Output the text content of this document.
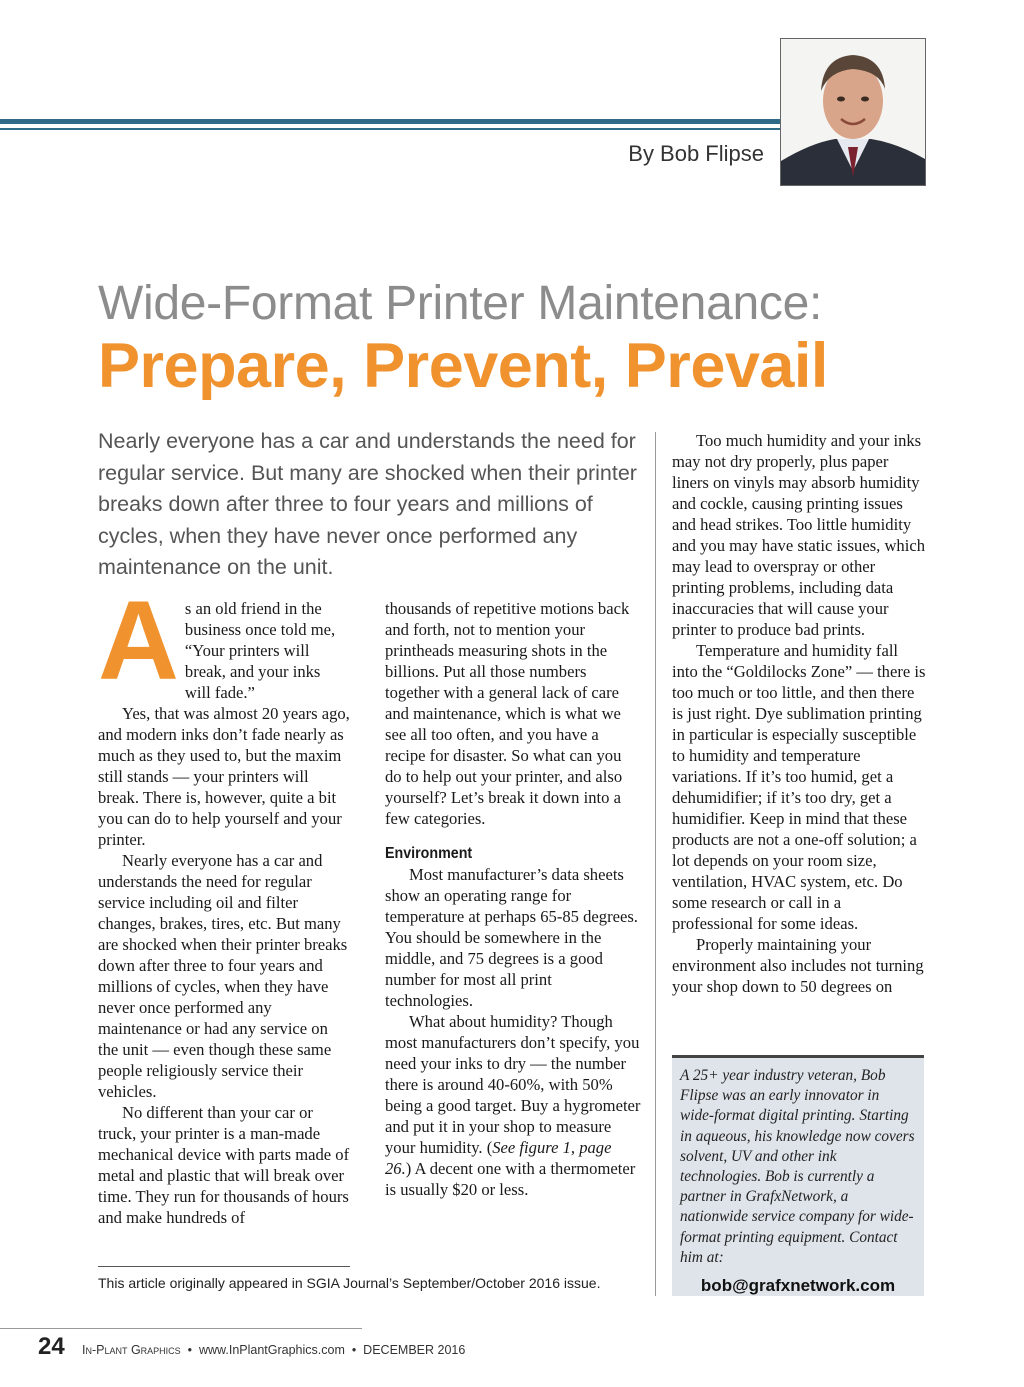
By Bob Flipse
Wide-Format Printer Maintenance:
Prepare, Prevent, Prevail
Nearly everyone has a car and understands the need for regular service. But many are shocked when their printer breaks down after three to four years and millions of cycles, when they have never once performed any maintenance on the unit.

As an old friend in the business once told me, “Your printers will break, and your inks will fade.”

Yes, that was almost 20 years ago, and modern inks don’t fade nearly as much as they used to, but the maxim still stands — your printers will break. There is, however, quite a bit you can do to help yourself and your printer.

Nearly everyone has a car and understands the need for regular service including oil and filter changes, brakes, tires, etc. But many are shocked when their printer breaks down after three to four years and millions of cycles, when they have never once performed any maintenance or had any service on the unit — even though these same people religiously service their vehicles.

No different than your car or truck, your printer is a man-made mechanical device with parts made of metal and plastic that will break over time. They run for thousands of hours and make hundreds of

thousands of repetitive motions back and forth, not to mention your printheads measuring shots in the billions. Put all those numbers together with a general lack of care and maintenance, which is what we see all too often, and you have a recipe for disaster. So what can you do to help out your printer, and also yourself? Let’s break it down into a few categories.

Environment

Most manufacturer’s data sheets show an operating range for temperature at perhaps 65-85 degrees. You should be somewhere in the middle, and 75 degrees is a good number for most all print technologies.

What about humidity? Though most manufacturers don’t specify, you need your inks to dry — the number there is around 40-60%, with 50% being a good target. Buy a hygrometer and put it in your shop to measure your humidity. (See figure 1, page 26.) A decent one with a thermometer is usually $20 or less.

Too much humidity and your inks may not dry properly, plus paper liners on vinyls may absorb humidity and cockle, causing printing issues and head strikes. Too little humidity and you may have static issues, which may lead to overspray or other printing problems, including data inaccuracies that will cause your printer to produce bad prints.

Temperature and humidity fall into the “Goldilocks Zone” — there is too much or too little, and then there is just right. Dye sublimation printing in particular is especially susceptible to humidity and temperature variations. If it’s too humid, get a dehumidifier; if it’s too dry, get a humidifier. Keep in mind that these products are not a one-off solution; a lot depends on your room size, ventilation, HVAC system, etc. Do some research or call in a professional for some ideas.

Properly maintaining your environment also includes not turning your shop down to 50 degrees on

A 25+ year industry veteran, Bob Flipse was an early innovator in wide-format digital printing. Starting in aqueous, his knowledge now covers solvent, UV and other ink technologies. Bob is currently a partner in GrafxNetwork, a nationwide service company for wide-format printing equipment. Contact him at:
bob@grafxnetwork.com
This article originally appeared in SGIA Journal’s September/October 2016 issue.
24 In-Plant Graphics • www.InPlantGraphics.com • DECEMBER 2016
